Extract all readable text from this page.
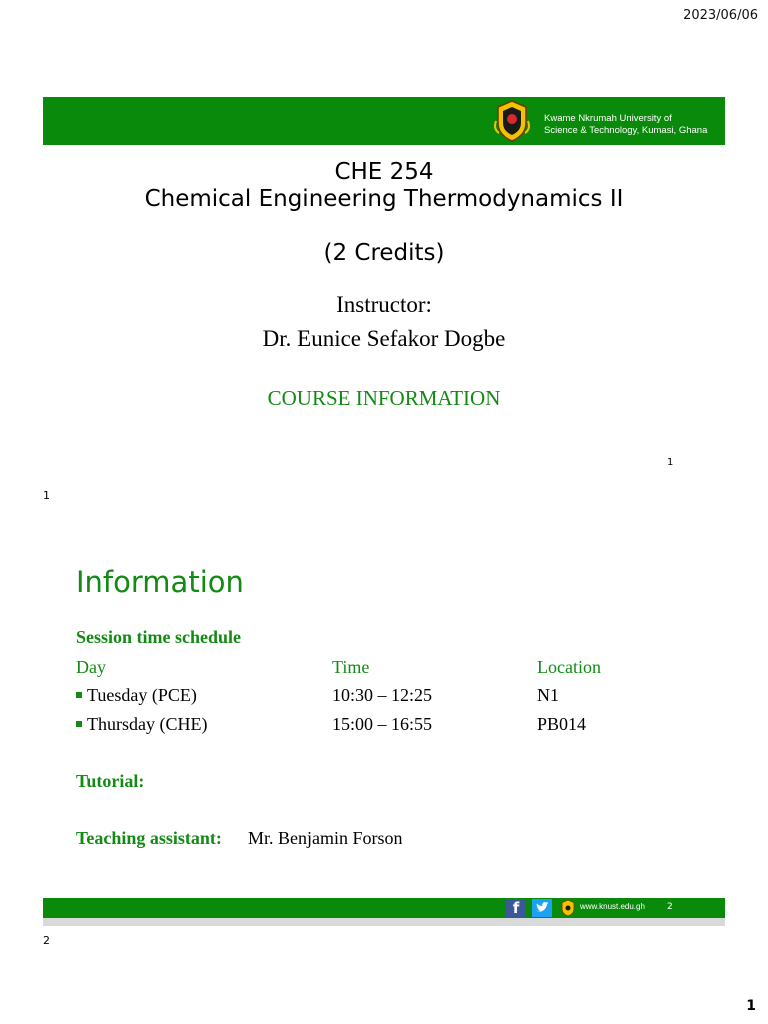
2023/06/06
Kwame Nkrumah University of
Science & Technology, Kumasi, Ghana
CHE 254
Chemical Engineering Thermodynamics II
(2 Credits)
Instructor:
Dr. Eunice Sefakor Dogbe
COURSE INFORMATION
1
1
Information
Session time schedule
Day	Time	Location
Tuesday (PCE)	10:30 – 12:25	N1
Thursday (CHE)	15:00 – 16:55	PB014
Tutorial:
Teaching assistant: Mr. Benjamin Forson
f	www.knust.edu.gh 2
2
1
